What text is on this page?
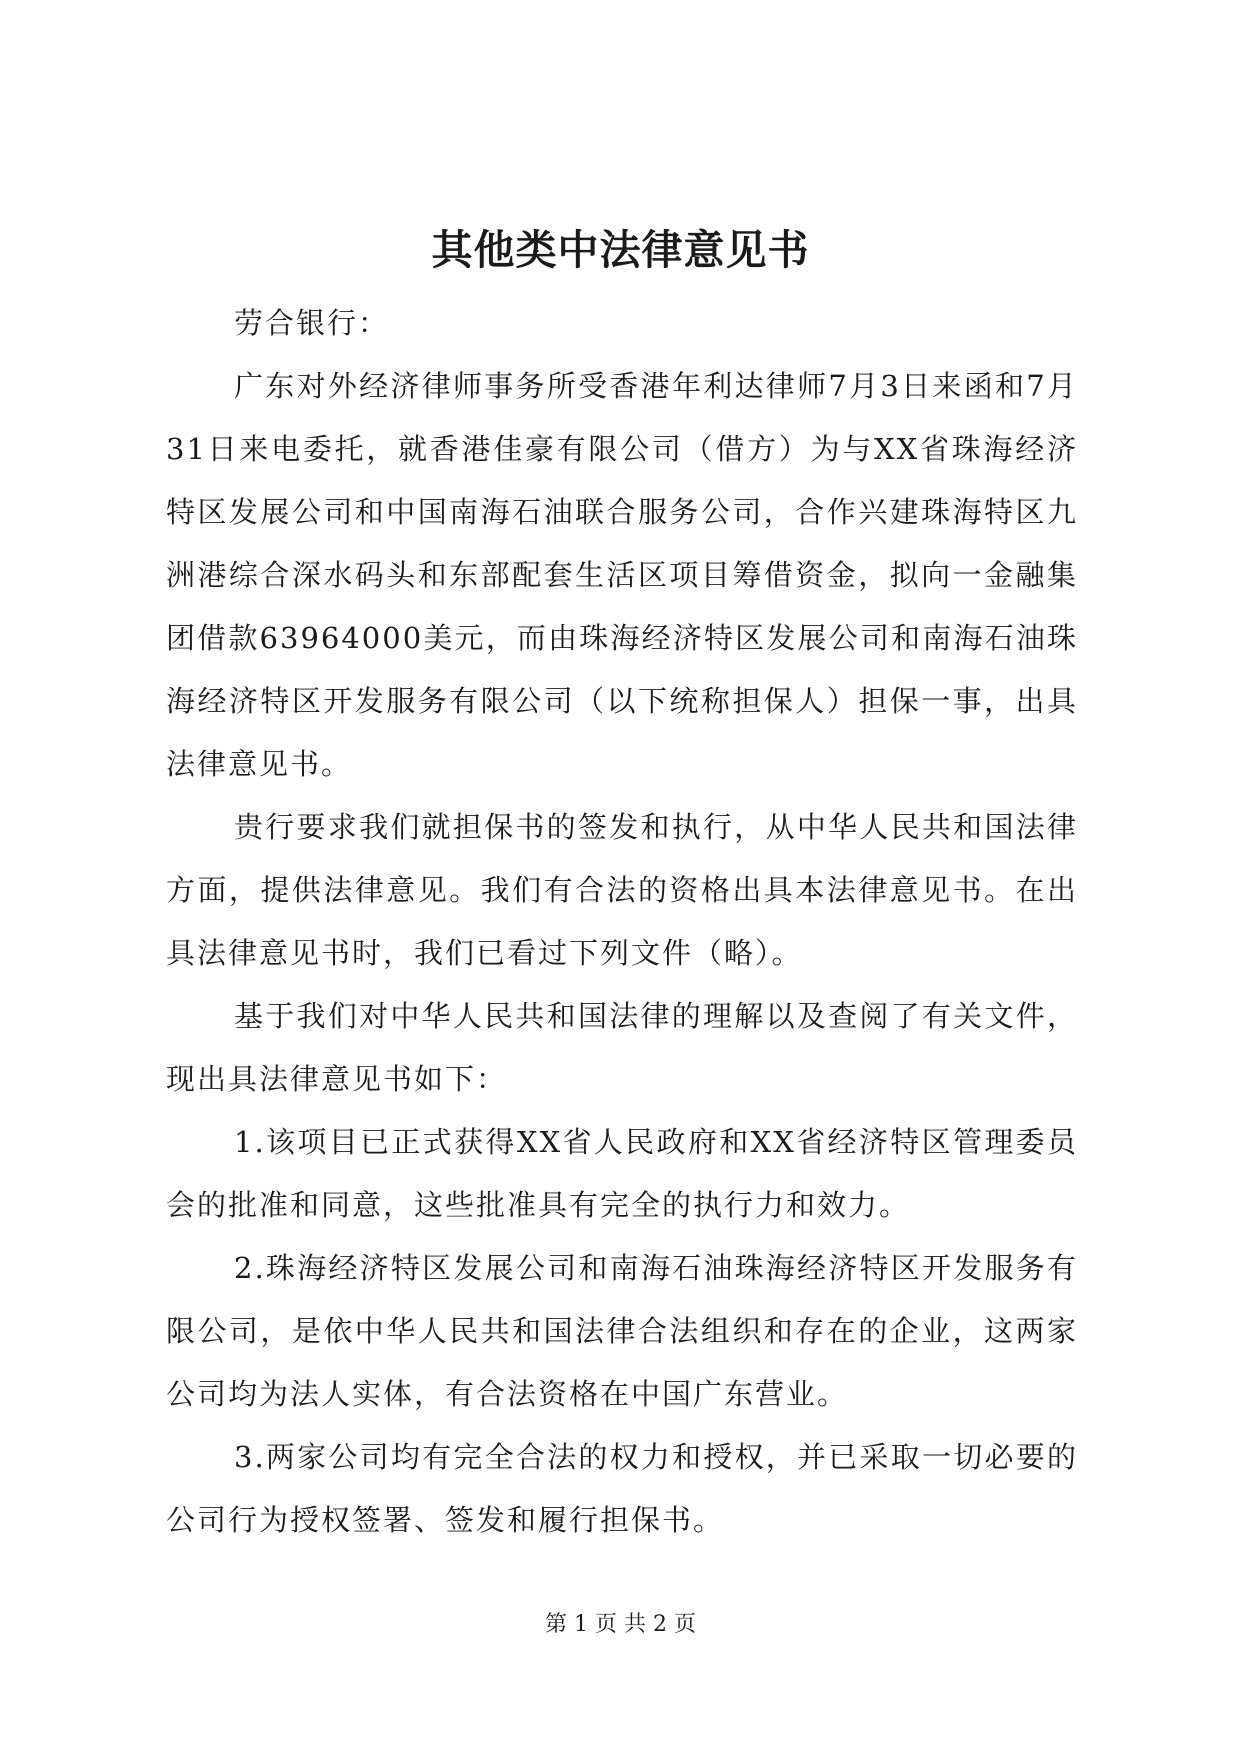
其他类中法律意见书

劳合银行：

广东对外经济律师事务所受香港年利达律师7月3日来函和7月31日来电委托，就香港佳豪有限公司（借方）为与XX省珠海经济特区发展公司和中国南海石油联合服务公司，合作兴建珠海特区九洲港综合深水码头和东部配套生活区项目筹借资金，拟向一金融集团借款63964000美元，而由珠海经济特区发展公司和南海石油珠海经济特区开发服务有限公司（以下统称担保人）担保一事，出具法律意见书。

贵行要求我们就担保书的签发和执行，从中华人民共和国法律方面，提供法律意见。我们有合法的资格出具本法律意见书。在出具法律意见书时，我们已看过下列文件（略）。

基于我们对中华人民共和国法律的理解以及查阅了有关文件，现出具法律意见书如下：

1.该项目已正式获得XX省人民政府和XX省经济特区管理委员会的批准和同意，这些批准具有完全的执行力和效力。

2.珠海经济特区发展公司和南海石油珠海经济特区开发服务有限公司，是依中华人民共和国法律合法组织和存在的企业，这两家公司均为法人实体，有合法资格在中国广东营业。

3.两家公司均有完全合法的权力和授权，并已采取一切必要的公司行为授权签署、签发和履行担保书。

第 1 页 共 2 页
